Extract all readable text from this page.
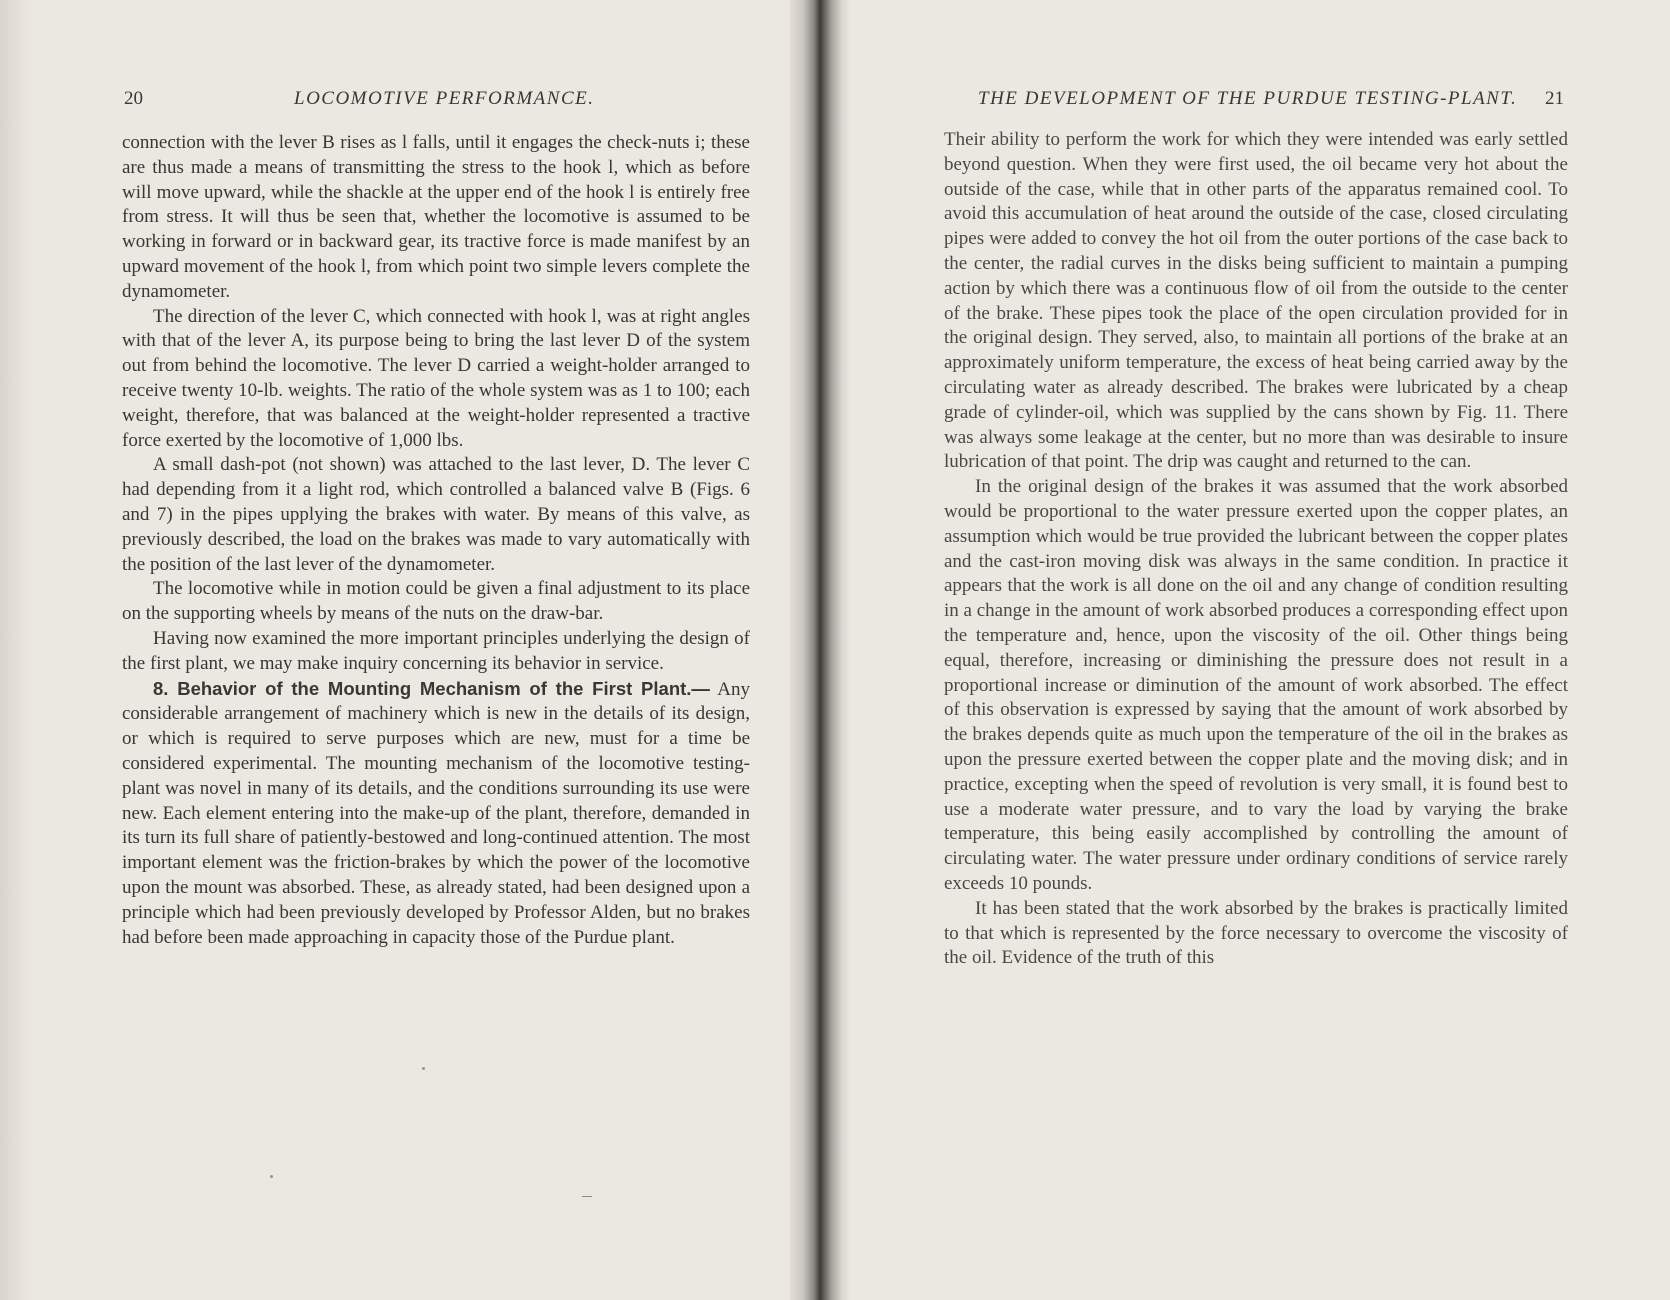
20	LOCOMOTIVE PERFORMANCE.

connection with the lever B rises as l falls, until it engages the check-nuts i; these are thus made a means of transmitting the stress to the hook l, which as before will move upward, while the shackle at the upper end of the hook l is entirely free from stress. It will thus be seen that, whether the locomotive is assumed to be working in forward or in backward gear, its tractive force is made manifest by an upward movement of the hook l, from which point two simple levers complete the dynamometer.

The direction of the lever C, which connected with hook l, was at right angles with that of the lever A, its purpose being to bring the last lever D of the system out from behind the locomotive. The lever D carried a weight-holder arranged to receive twenty 10-lb. weights. The ratio of the whole system was as 1 to 100; each weight, therefore, that was balanced at the weight-holder represented a tractive force exerted by the locomotive of 1,000 lbs.

A small dash-pot (not shown) was attached to the last lever, D. The lever C had depending from it a light rod, which controlled a balanced valve B (Figs. 6 and 7) in the pipes upplying the brakes with water. By means of this valve, as previously described, the load on the brakes was made to vary automatically with the position of the last lever of the dynamometer.

The locomotive while in motion could be given a final adjustment to its place on the supporting wheels by means of the nuts on the draw-bar.

Having now examined the more important principles underlying the design of the first plant, we may make inquiry concerning its behavior in service.

8. Behavior of the Mounting Mechanism of the First Plant.— Any considerable arrangement of machinery which is new in the details of its design, or which is required to serve purposes which are new, must for a time be considered experimental. The mounting mechanism of the locomotive testing-plant was novel in many of its details, and the conditions surrounding its use were new. Each element entering into the make-up of the plant, therefore, demanded in its turn its full share of patiently-bestowed and long-continued attention. The most important element was the friction-brakes by which the power of the locomotive upon the mount was absorbed. These, as already stated, had been designed upon a principle which had been previously developed by Professor Alden, but no brakes had before been made approaching in capacity those of the Purdue plant.

THE DEVELOPMENT OF THE PURDUE TESTING-PLANT. 21

Their ability to perform the work for which they were intended was early settled beyond question. When they were first used, the oil became very hot about the outside of the case, while that in other parts of the apparatus remained cool. To avoid this accumulation of heat around the outside of the case, closed circulating pipes were added to convey the hot oil from the outer portions of the case back to the center, the radial curves in the disks being sufficient to maintain a pumping action by which there was a continuous flow of oil from the outside to the center of the brake. These pipes took the place of the open circulation provided for in the original design. They served, also, to maintain all portions of the brake at an approximately uniform temperature, the excess of heat being carried away by the circulating water as already described. The brakes were lubricated by a cheap grade of cylinder-oil, which was supplied by the cans shown by Fig. 11. There was always some leakage at the center, but no more than was desirable to insure lubrication of that point. The drip was caught and returned to the can.

In the original design of the brakes it was assumed that the work absorbed would be proportional to the water pressure exerted upon the copper plates, an assumption which would be true provided the lubricant between the copper plates and the cast-iron moving disk was always in the same condition. In practice it appears that the work is all done on the oil and any change of condition resulting in a change in the amount of work absorbed produces a corresponding effect upon the temperature and, hence, upon the viscosity of the oil. Other things being equal, therefore, increasing or diminishing the pressure does not result in a proportional increase or diminution of the amount of work absorbed. The effect of this observation is expressed by saying that the amount of work absorbed by the brakes depends quite as much upon the temperature of the oil in the brakes as upon the pressure exerted between the copper plate and the moving disk; and in practice, excepting when the speed of revolution is very small, it is found best to use a moderate water pressure, and to vary the load by varying the brake temperature, this being easily accomplished by controlling the amount of circulating water. The water pressure under ordinary conditions of service rarely exceeds 10 pounds.

It has been stated that the work absorbed by the brakes is practically limited to that which is represented by the force necessary to overcome the viscosity of the oil. Evidence of the truth of this
